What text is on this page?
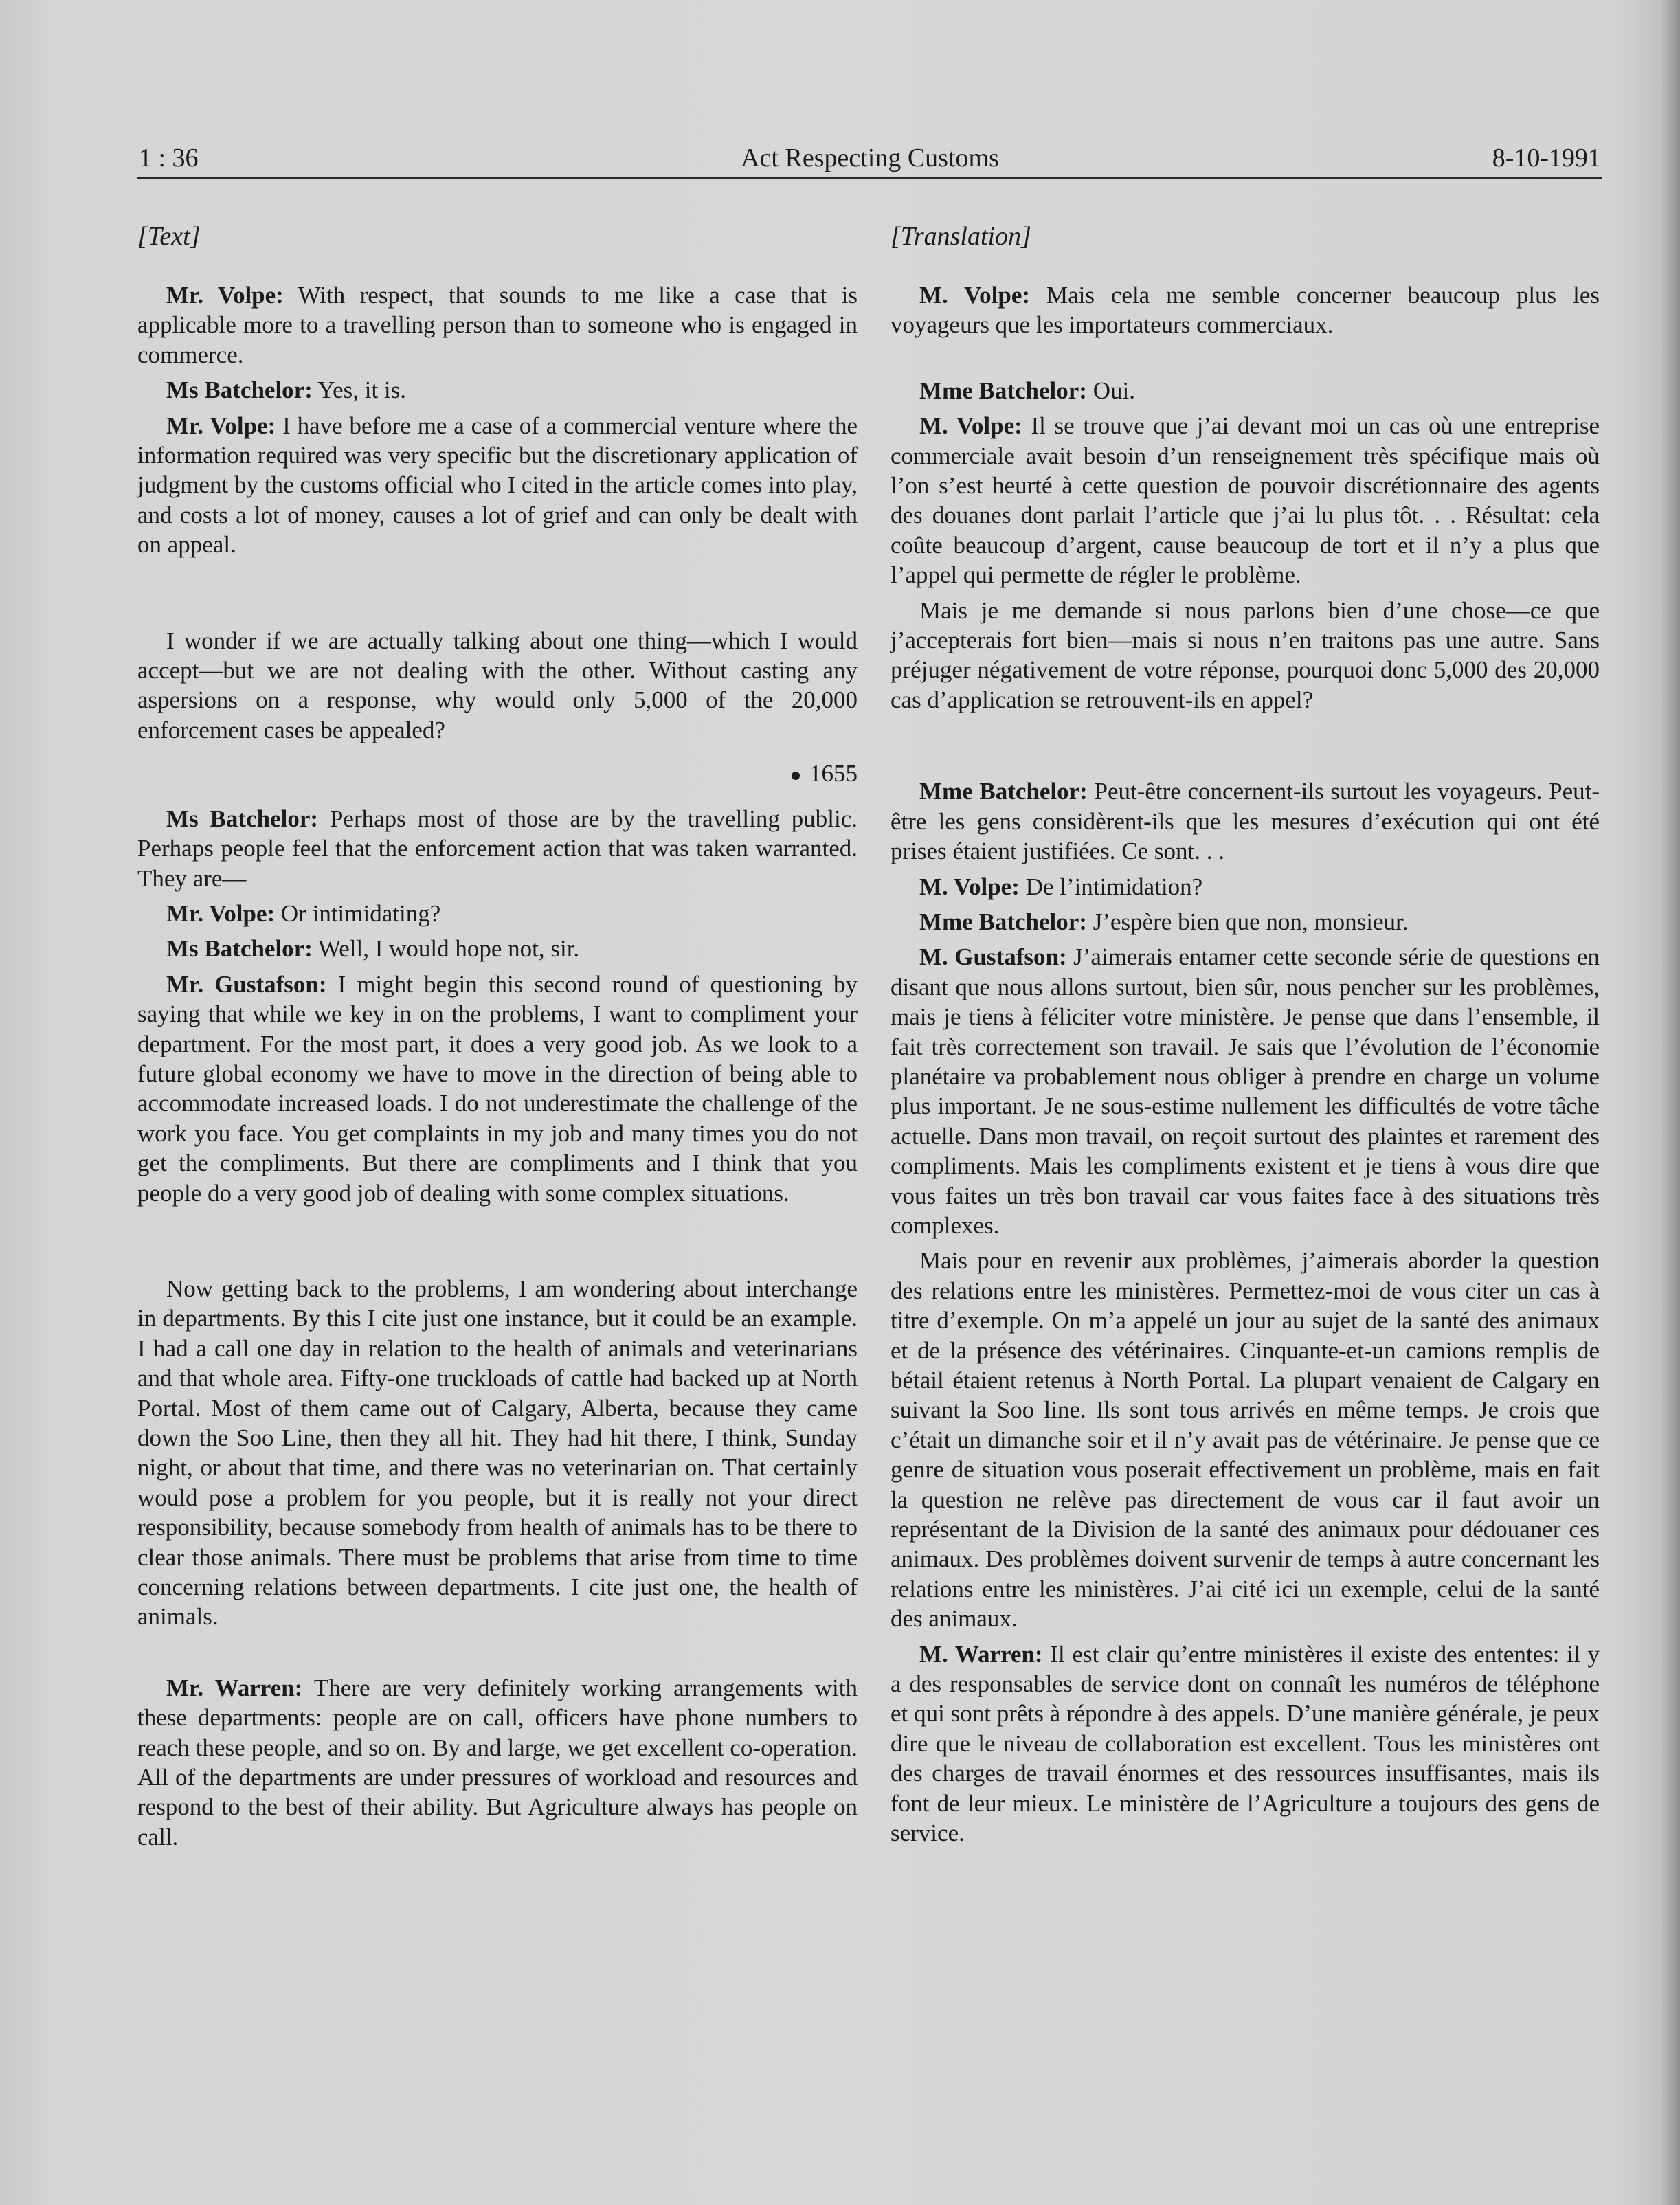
1 : 36	Act Respecting Customs	8-10-1991

[Text]

Mr. Volpe: With respect, that sounds to me like a case that is applicable more to a travelling person than to someone who is engaged in commerce.

Ms Batchelor: Yes, it is.

Mr. Volpe: I have before me a case of a commercial venture where the information required was very specific but the discretionary application of judgment by the customs official who I cited in the article comes into play, and costs a lot of money, causes a lot of grief and can only be dealt with on appeal.

I wonder if we are actually talking about one thing—which I would accept—but we are not dealing with the other. Without casting any aspersions on a response, why would only 5,000 of the 20,000 enforcement cases be appealed?

1655

Ms Batchelor: Perhaps most of those are by the travelling public. Perhaps people feel that the enforcement action that was taken warranted. They are—

Mr. Volpe: Or intimidating?

Ms Batchelor: Well, I would hope not, sir.

Mr. Gustafson: I might begin this second round of questioning by saying that while we key in on the problems, I want to compliment your department. For the most part, it does a very good job. As we look to a future global economy we have to move in the direction of being able to accommodate increased loads. I do not underestimate the challenge of the work you face. You get complaints in my job and many times you do not get the compliments. But there are compliments and I think that you people do a very good job of dealing with some complex situations.

Now getting back to the problems, I am wondering about interchange in departments. By this I cite just one instance, but it could be an example. I had a call one day in relation to the health of animals and veterinarians and that whole area. Fifty-one truckloads of cattle had backed up at North Portal. Most of them came out of Calgary, Alberta, because they came down the Soo Line, then they all hit. They had hit there, I think, Sunday night, or about that time, and there was no veterinarian on. That certainly would pose a problem for you people, but it is really not your direct responsibility, because somebody from health of animals has to be there to clear those animals. There must be problems that arise from time to time concerning relations between departments. I cite just one, the health of animals.

Mr. Warren: There are very definitely working arrangements with these departments: people are on call, officers have phone numbers to reach these people, and so on. By and large, we get excellent co-operation. All of the departments are under pressures of workload and resources and respond to the best of their ability. But Agriculture always has people on call.

[Translation]

M. Volpe: Mais cela me semble concerner beaucoup plus les voyageurs que les importateurs commerciaux.

Mme Batchelor: Oui.

M. Volpe: Il se trouve que j’ai devant moi un cas où une entreprise commerciale avait besoin d’un renseignement très spécifique mais où l’on s’est heurté à cette question de pouvoir discrétionnaire des agents des douanes dont parlait l’article que j’ai lu plus tôt. . . Résultat: cela coûte beaucoup d’argent, cause beaucoup de tort et il n’y a plus que l’appel qui permette de régler le problème.

Mais je me demande si nous parlons bien d’une chose—ce que j’accepterais fort bien—mais si nous n’en traitons pas une autre. Sans préjuger négativement de votre réponse, pourquoi donc 5,000 des 20,000 cas d’application se retrouvent-ils en appel?

Mme Batchelor: Peut-être concernent-ils surtout les voyageurs. Peut-être les gens considèrent-ils que les mesures d’exécution qui ont été prises étaient justifiées. Ce sont. . .

M. Volpe: De l’intimidation?

Mme Batchelor: J’espère bien que non, monsieur.

M. Gustafson: J’aimerais entamer cette seconde série de questions en disant que nous allons surtout, bien sûr, nous pencher sur les problèmes, mais je tiens à féliciter votre ministère. Je pense que dans l’ensemble, il fait très correctement son travail. Je sais que l’évolution de l’économie planétaire va probablement nous obliger à prendre en charge un volume plus important. Je ne sous-estime nullement les difficultés de votre tâche actuelle. Dans mon travail, on reçoit surtout des plaintes et rarement des compliments. Mais les compliments existent et je tiens à vous dire que vous faites un très bon travail car vous faites face à des situations très complexes.

Mais pour en revenir aux problèmes, j’aimerais aborder la question des relations entre les ministères. Permettez-moi de vous citer un cas à titre d’exemple. On m’a appelé un jour au sujet de la santé des animaux et de la présence des vétérinaires. Cinquante-et-un camions remplis de bétail étaient retenus à North Portal. La plupart venaient de Calgary en suivant la Soo line. Ils sont tous arrivés en même temps. Je crois que c’était un dimanche soir et il n’y avait pas de vétérinaire. Je pense que ce genre de situation vous poserait effectivement un problème, mais en fait la question ne relève pas directement de vous car il faut avoir un représentant de la Division de la santé des animaux pour dédouaner ces animaux. Des problèmes doivent survenir de temps à autre concernant les relations entre les ministères. J’ai cité ici un exemple, celui de la santé des animaux.

M. Warren: Il est clair qu’entre ministères il existe des ententes: il y a des responsables de service dont on connaît les numéros de téléphone et qui sont prêts à répondre à des appels. D’une manière générale, je peux dire que le niveau de collaboration est excellent. Tous les ministères ont des charges de travail énormes et des ressources insuffisantes, mais ils font de leur mieux. Le ministère de l’Agriculture a toujours des gens de service.
